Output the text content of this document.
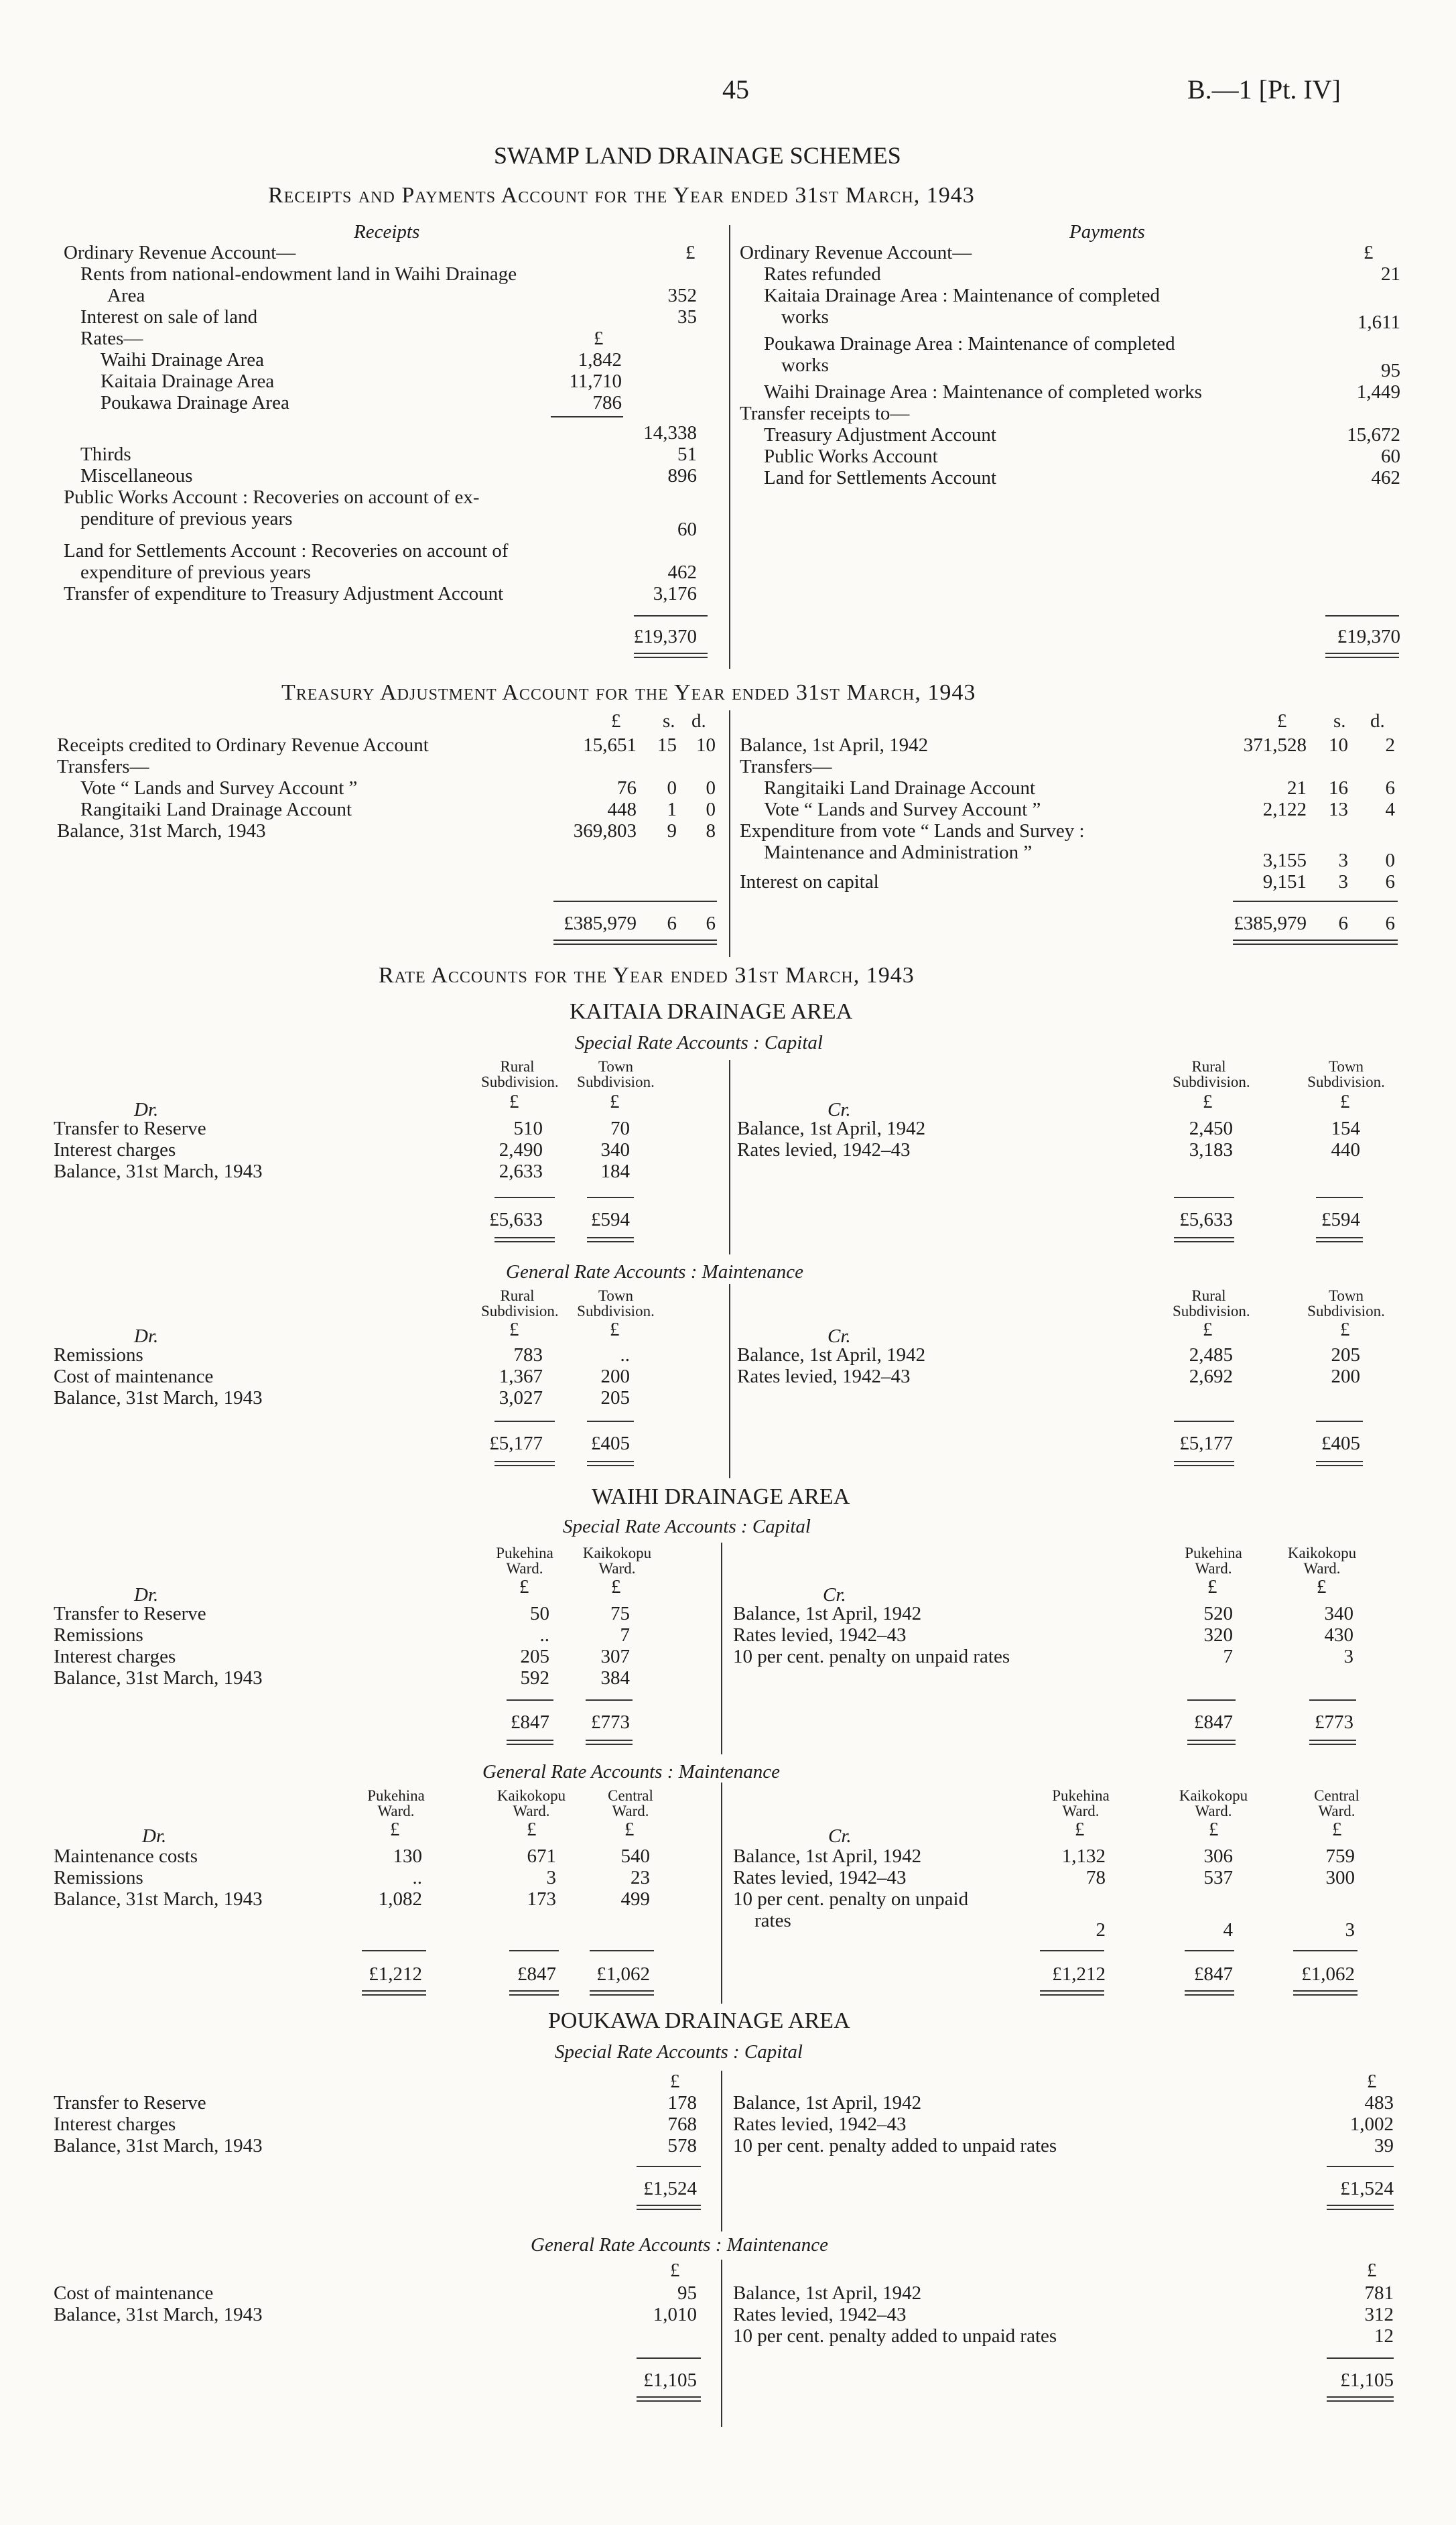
45	B.—1 [Pt. IV]
SWAMP LAND DRAINAGE SCHEMES
Receipts and Payments Account for the Year ended 31st March, 1943
Receipts	Payments
£
Ordinary Revenue Account—
Rents from national-endowment land in Waihi Drainage
Area	352
Interest on sale of land	35
Rates—	£
Waihi Drainage Area	1,842
Kaitaia Drainage Area	11,710
Poukawa Drainage Area	786
14,338
Thirds	51
Miscellaneous	896
Public Works Account : Recoveries on account of ex-
penditure of previous years	60
Land for Settlements Account : Recoveries on account of
expenditure of previous years	462
Transfer of expenditure to Treasury Adjustment Account	3,176
£19,370
Ordinary Revenue Account—	£
Rates refunded	21
Kaitaia Drainage Area : Maintenance of completed
works	1,611
Poukawa Drainage Area : Maintenance of completed
works	95
Waihi Drainage Area : Maintenance of completed works	1,449
Transfer receipts to—
Treasury Adjustment Account	15,672
Public Works Account	60
Land for Settlements Account	462
£19,370
Treasury Adjustment Account for the Year ended 31st March, 1943
£ s. d.
Receipts credited to Ordinary Revenue Account	15,651	15	10
Transfers—
Vote “ Lands and Survey Account ”	76	0	0
Rangitaiki Land Drainage Account	448	1	0
Balance, 31st March, 1943	369,803	9	8
£385,979	6	6
£ s. d.
Balance, 1st April, 1942	371,528	10	2
Transfers—
Rangitaiki Land Drainage Account	21	16	6
Vote “ Lands and Survey Account ”	2,122	13	4
Expenditure from vote “ Lands and Survey :
Maintenance and Administration ”	3,155	3	0
Interest on capital	9,151	3	6
£385,979	6	6
Rate Accounts for the Year ended 31st March, 1943
KAITAIA DRAINAGE AREA
Special Rate Accounts : Capital
Rural Subdivision.
Town Subdivision.
£	£
Dr.
Transfer to Reserve	510	70
Interest charges	2,490	340
Balance, 31st March, 1943	2,633	184
£5,633	£594
Rural Subdivision.
Town Subdivision.
£	£
Cr.
Balance, 1st April, 1942	2,450	154
Rates levied, 1942–43	3,183	440
£5,633	£594
General Rate Accounts : Maintenance
Rural Subdivision.
Town Subdivision.
£	£
Dr.
Remissions	783	..
Cost of maintenance	1,367	200
Balance, 31st March, 1943	3,027	205
£5,177	£405
Rural Subdivision.
Town Subdivision.
£	£
Cr.
Balance, 1st April, 1942	2,485	205
Rates levied, 1942–43	2,692	200
£5,177	£405
WAIHI DRAINAGE AREA
Special Rate Accounts : Capital
Pukehina Ward.
Kaikokopu Ward.
£	£
Dr.
Transfer to Reserve	50	75
Remissions	..	7
Interest charges	205	307
Balance, 31st March, 1943	592	384
£847	£773
Pukehina Ward.
Kaikokopu Ward.
£	£
Cr.
Balance, 1st April, 1942	520	340
Rates levied, 1942–43	320	430
10 per cent. penalty on unpaid rates	7	3
£847	£773
General Rate Accounts : Maintenance
Pukehina Ward.
Kaikokopu Ward.
Central Ward.
£	£	£
Dr.
Maintenance costs	130	671	540
Remissions	..	3	23
Balance, 31st March, 1943	1,082	173	499
£1,212	£847	£1,062
Pukehina Ward.
Kaikokopu Ward.
Central Ward.
£	£	£
Cr.
Balance, 1st April, 1942	1,132	306	759
Rates levied, 1942–43	78	537	300
10 per cent. penalty on unpaid
rates	2	4	3
£1,212	£847	£1,062
POUKAWA DRAINAGE AREA
Special Rate Accounts : Capital
£
Transfer to Reserve	178
Interest charges	768
Balance, 31st March, 1943	578
£1,524
£
Balance, 1st April, 1942	483
Rates levied, 1942–43	1,002
10 per cent. penalty added to unpaid rates	39
£1,524
General Rate Accounts : Maintenance
£
Cost of maintenance	95
Balance, 31st March, 1943	1,010
£1,105
£
Balance, 1st April, 1942	781
Rates levied, 1942–43	312
10 per cent. penalty added to unpaid rates	12
£1,105
